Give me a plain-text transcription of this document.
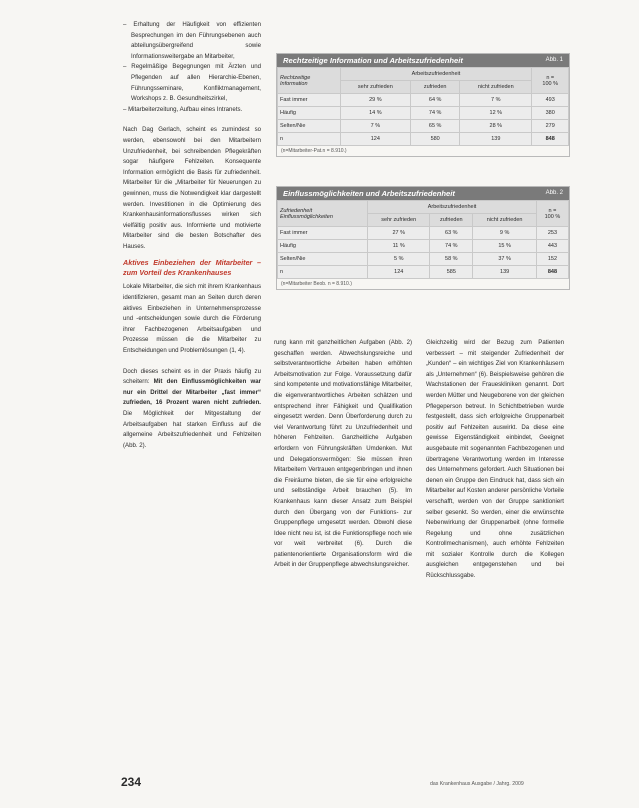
Rechtzeitige Information und Arbeitszufriedenheit	Abb. 1
Rechtzeitige
Information	Arbeitszufriedenheit			n =
100 %
	sehr zufrieden	zufrieden	nicht zufrieden	
Fast immer	29 %	64 %	7 %	493
Häufig	14 %	74 %	12 %	380
Selten/Nie	7 %	65 %	28 %	279
n	124	580	139	848
(n=Mitarbeiter-Pat.n = 8.910.)
Einflussmöglichkeiten und Arbeitszufriedenheit	Abb. 2
Zufriedenheit
Einflussmöglichkeiten	Arbeitszufriedenheit			n =
100 %
	sehr zufrieden	zufrieden	nicht zufrieden	
Fast immer	27 %	63 %	9 %	253
Häufig	11 %	74 %	15 %	443
Selten/Nie	5 %	58 %	37 %	152
n	124	585	139	848
(n=Mitarbeiter Beob. n = 8.910.)

– Erhaltung der Häufigkeit von effizienten Besprechungen im den Führungsebenen auch abteilungsübergreifend sowie Informationsweitergabe an Mitarbeiter,

– Regelmäßige Begegnungen mit Ärzten und Pflegenden auf allen Hierarchie-Ebenen, Führungsseminare, Konfliktmanagement, Workshops z. B. Gesundheitszirkel,

– Mitarbeiterzeitung, Aufbau eines Intranets.

Nach Dag Gerlach, scheint es zumindest so werden, ebensowohl bei den Mitarbeitern Unzufriedenheit, bei schreibenden Pflegekräften sogar häufigere Fehlzeiten. Konsequente Information ermöglicht die Basis für zufriedenheit. Mitarbeiter für die „Mitarbeiter für Neuerungen zu gewinnen, muss die Notwendigkeit klar dargestellt werden. Investitionen in die Optimierung des Krankenhausinformationsflusses wirken sich vielfältig positiv aus. Informierte und motivierte Mitarbeiter sind die besten Botschafter des Hauses.

Aktives Einbeziehen der Mitarbeiter – zum Vorteil des Krankenhauses

Lokale Mitarbeiter, die sich mit ihrem Krankenhaus identifizieren, gesamt man an Seiten durch deren aktives Einbeziehen in Unternehmensprozesse und -entscheidungen sowie durch die Förderung ihrer Fachbezogenen Arbeitsaufgaben und Prozesse müssen die die Mitarbeiter zu Entscheidungen und Problemlösungen (1, 4).

Doch dieses scheint es in der Praxis häufig zu scheitern: Mit den Einflussmöglichkeiten war nur ein Drittel der Mitarbeiter „fast immer“ zufrieden, 16 Prozent waren nicht zufrieden. Die Möglichkeit der Mitgestaltung der Arbeitsaufgaben hat starken Einfluss auf die allgemeine Arbeitszufriedenheit und Fehlzeiten (Abb. 2).

rung kann mit ganzheitlichen Aufgaben (Abb. 2) geschaffen werden. Abwechslungsreiche und selbstverantwortliche Arbeiten haben erhöhten Arbeitsmotivation zur Folge. Voraussetzung dafür sind kompetente und motivationsfähige Mitarbeiter, die eigenverantwortliches Arbeiten schätzen und entsprechend ihrer Fähigkeit und Qualifikation eingesetzt werden. Denn Überforderung durch zu viel Verantwortung führt zu Unzufriedenheit und höheren Fehlzeiten. Ganzheitliche Aufgaben erfordern von Führungskräften Umdenken. Mut und Delegationsvermögen: Sie müssen ihren Mitarbeitern Vertrauen entgegenbringen und ihnen die Freiräume bieten, die sie für eine erfolgreiche und selbständige Arbeit brauchen (5). Im Krankenhaus kann dieser Ansatz zum Beispiel durch den Übergang von der Funktions- zur Gruppenpflege umgesetzt werden. Obwohl diese Idee nicht neu ist, ist die Funktionspflege noch wie vor weit verbreitet (6). Durch die patientenorientierte Organisationsform wird die Arbeit in der Gruppenpflege abwechslungsreicher.

Gleichzeitig wird der Bezug zum Patienten verbessert – mit steigender Zufriedenheit der „Kunden“ – ein wichtiges Ziel von Krankenhäusern als „Unternehmen“ (6). Beispielsweise gehören die Wachstationen der Fraueskliniken genannt. Dort werden Mütter und Neugeborene von der gleichen Pflegeperson betreut. In Schichtbetrieben wurde festgestellt, dass sich erfolgreiche Gruppenarbeit positiv auf Fehlzeiten auswirkt. Da diese eine gewisse Eigenständigkeit einbindet, Geeignet ausgebaute mit sogenannten Fachbezogenen und übertragene Verantwortung werden im Interesse des Unternehmens gefordert. Auch Situationen bei denen ein Gruppe den Eindruck hat, dass sich ein Mitarbeiter auf Kosten anderer persönliche Vorteile verschafft, werden von der Gruppe sanktioniert selber gesenkt. So werden, einer die erwünschte Nebenwirkung der Gruppenarbeit (ohne formelle Regelung und ohne zusätzlichen Kontrollmechanismen), auch erhöhte Fehlzeiten mit sozialer Kontrolle durch die Kollegen ausgleichen entgegenstehen und bei Rückschlussgabe.

234	das Krankenhaus Ausgabe / Jahrg. 2009
